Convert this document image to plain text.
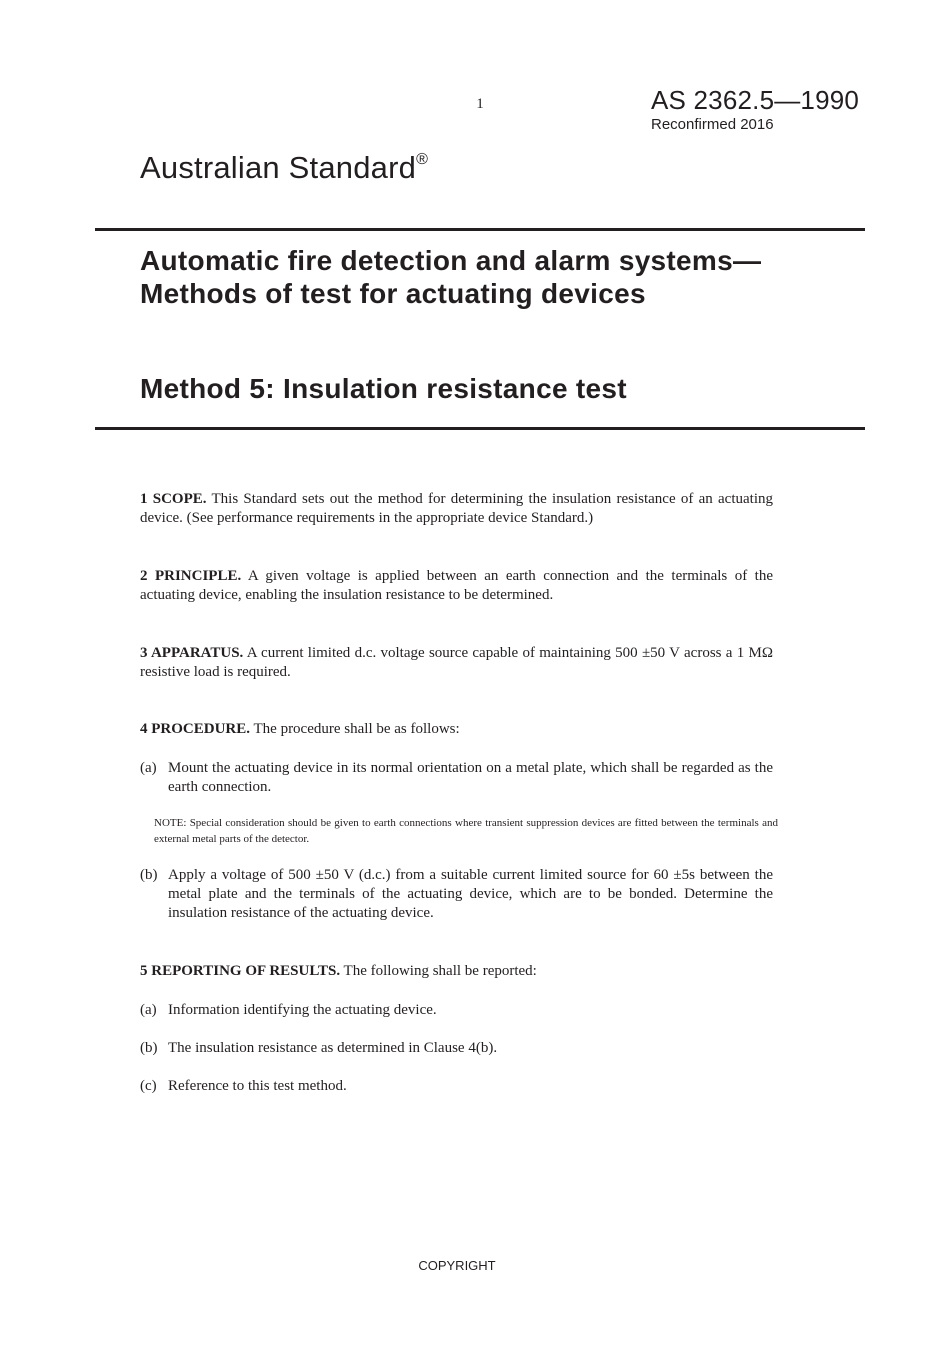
1	AS 2362.5—1990
Reconfirmed 2016
Australian Standard®
Automatic fire detection and alarm systems—Methods of test for actuating devices
Method 5: Insulation resistance test
1 SCOPE. This Standard sets out the method for determining the insulation resistance of an actuating device. (See performance requirements in the appropriate device Standard.)
2 PRINCIPLE. A given voltage is applied between an earth connection and the terminals of the actuating device, enabling the insulation resistance to be determined.
3 APPARATUS. A current limited d.c. voltage source capable of maintaining 500 ±50 V across a 1 MΩ resistive load is required.
4 PROCEDURE. The procedure shall be as follows:
(a) Mount the actuating device in its normal orientation on a metal plate, which shall be regarded as the earth connection.
NOTE: Special consideration should be given to earth connections where transient suppression devices are fitted between the terminals and external metal parts of the detector.
(b) Apply a voltage of 500 ±50 V (d.c.) from a suitable current limited source for 60 ±5s between the metal plate and the terminals of the actuating device, which are to be bonded. Determine the insulation resistance of the actuating device.
5 REPORTING OF RESULTS. The following shall be reported:
(a) Information identifying the actuating device.
(b) The insulation resistance as determined in Clause 4(b).
(c) Reference to this test method.
COPYRIGHT
